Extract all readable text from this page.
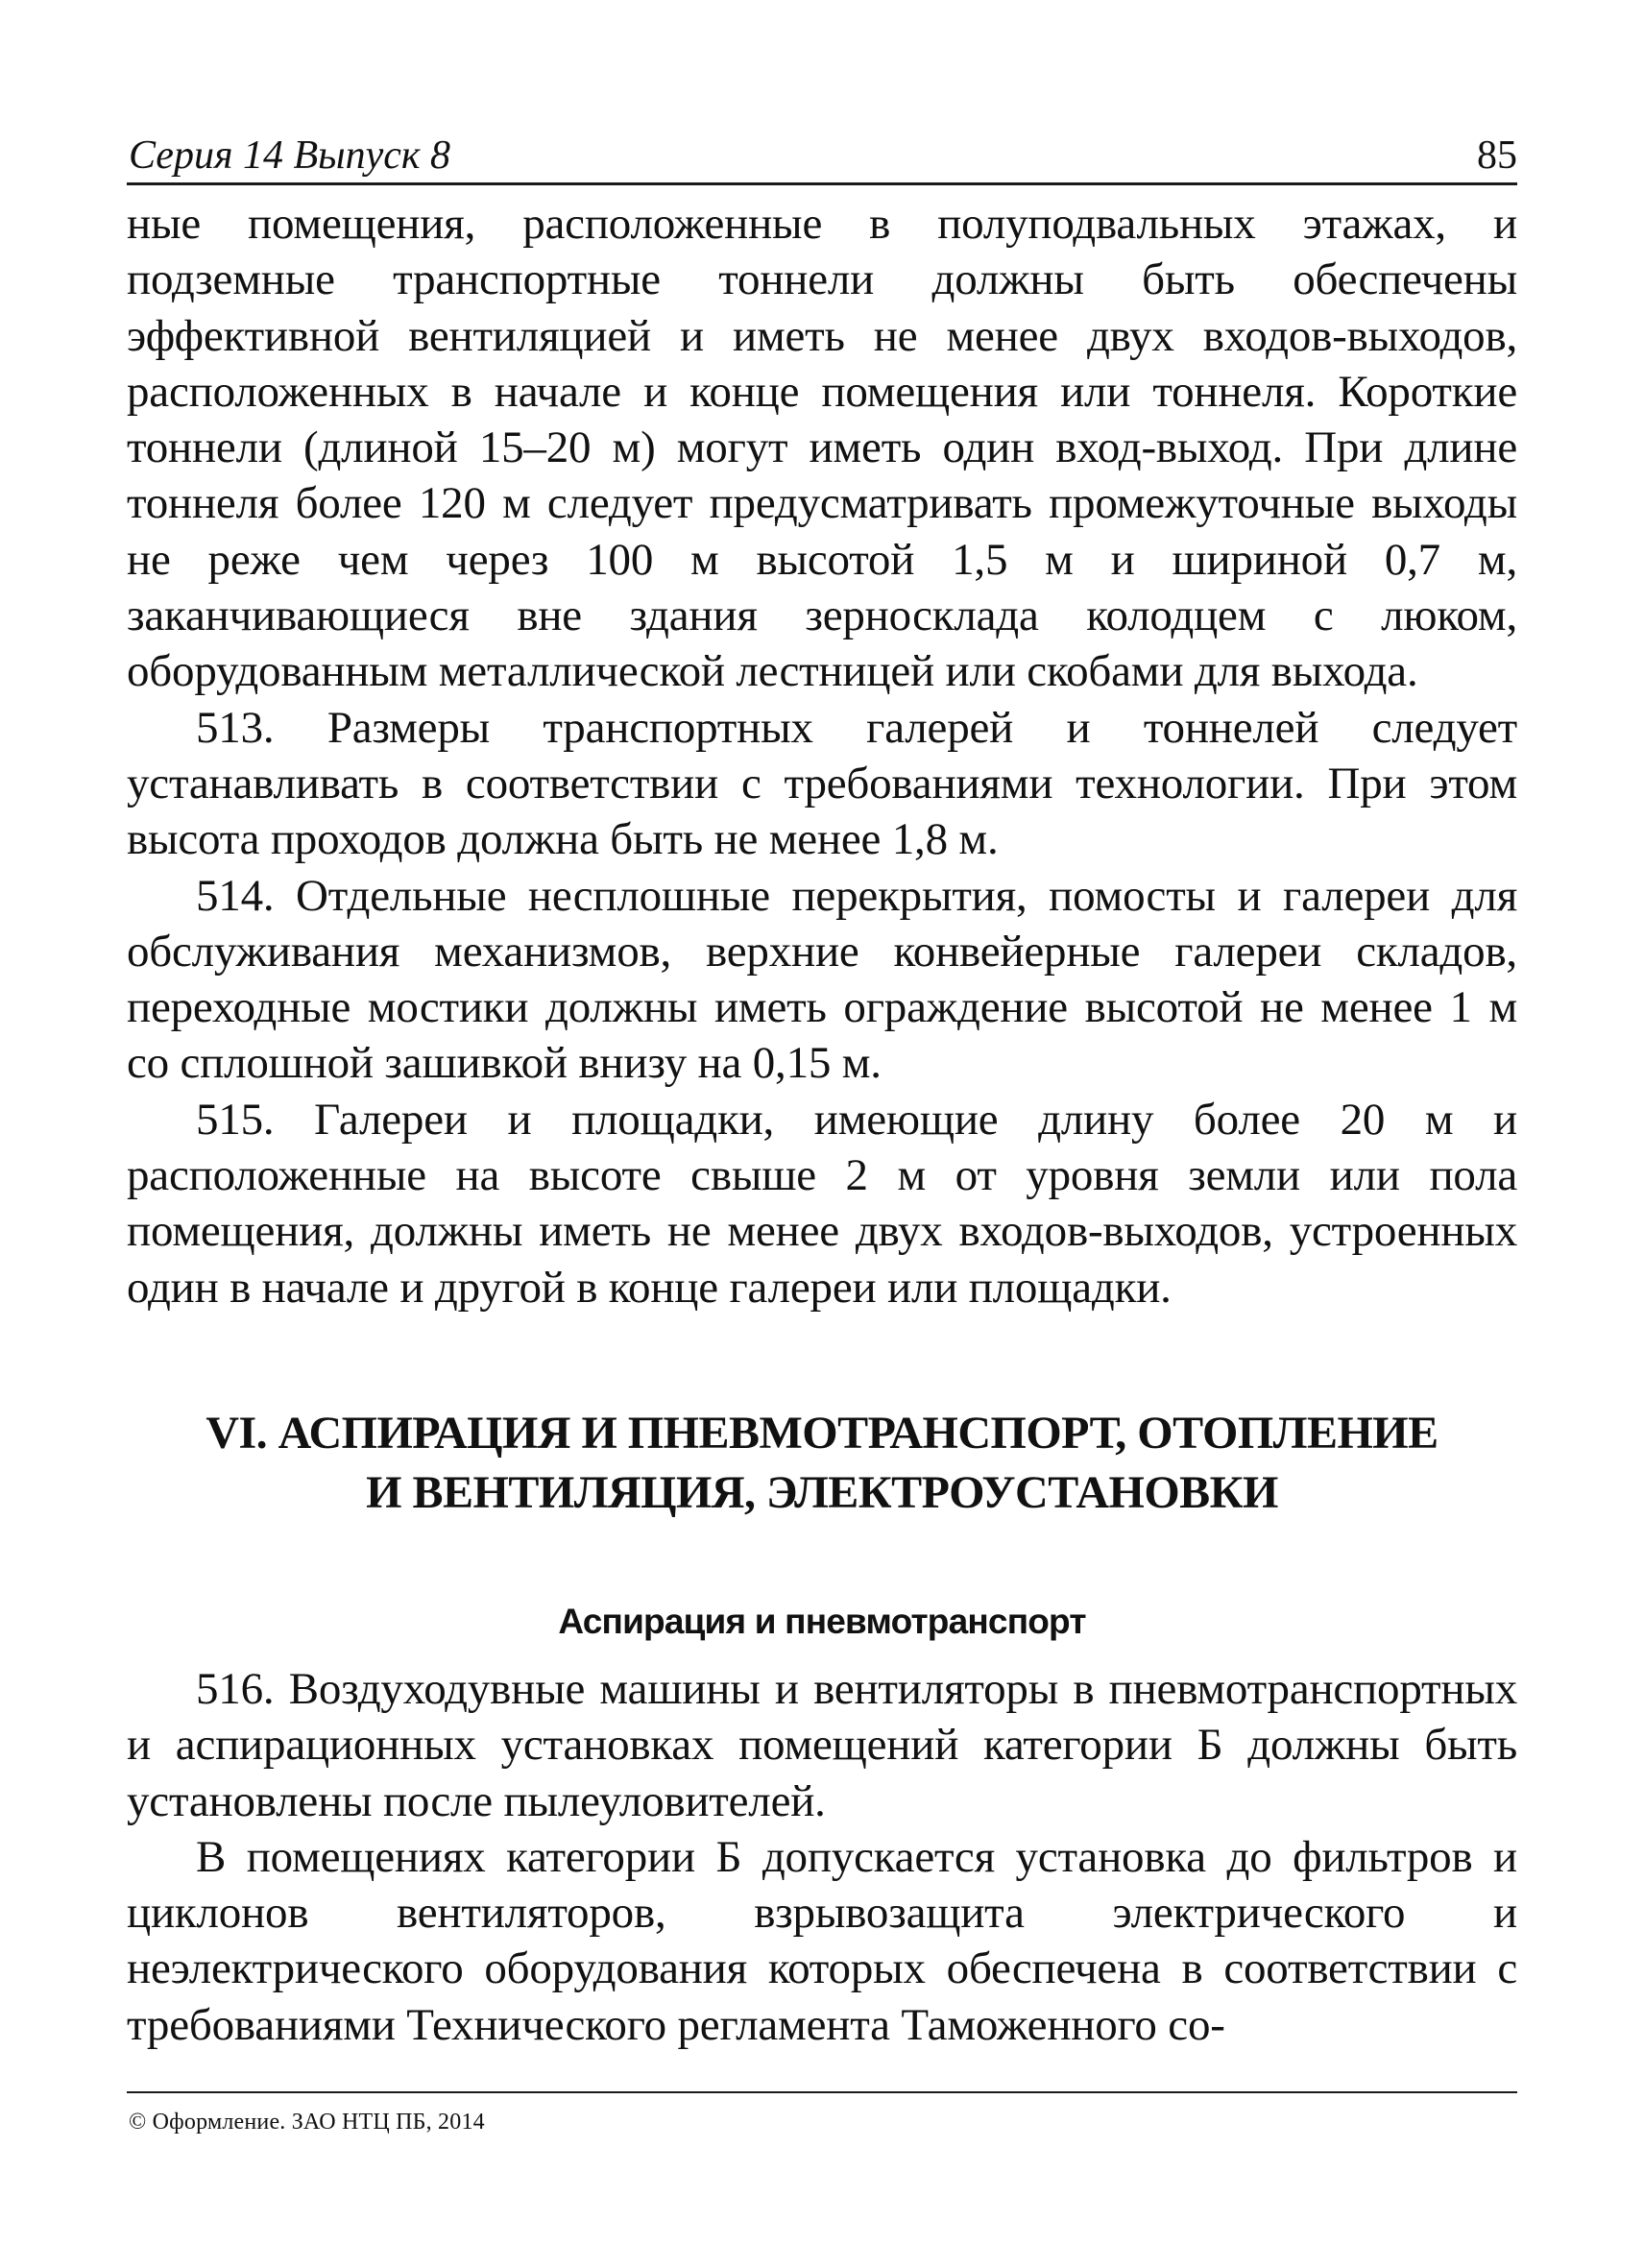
Серия 14 Выпуск 8	85

ные помещения, расположенные в полуподвальных этажах, и подземные транспортные тоннели должны быть обеспечены эффективной вентиляцией и иметь не менее двух входов-выходов, расположенных в начале и конце помещения или тоннеля. Короткие тоннели (длиной 15–20 м) могут иметь один вход-выход. При длине тоннеля более 120 м следует предусматривать промежуточные выходы не реже чем через 100 м высотой 1,5 м и шириной 0,7 м, заканчивающиеся вне здания зерносклада колодцем с люком, оборудованным металлической лестницей или скобами для выхода.

513. Размеры транспортных галерей и тоннелей следует устанавливать в соответствии с требованиями технологии. При этом высота проходов должна быть не менее 1,8 м.

514. Отдельные несплошные перекрытия, помосты и галереи для обслуживания механизмов, верхние конвейерные галереи складов, переходные мостики должны иметь ограждение высотой не менее 1 м со сплошной зашивкой внизу на 0,15 м.

515. Галереи и площадки, имеющие длину более 20 м и расположенные на высоте свыше 2 м от уровня земли или пола помещения, должны иметь не менее двух входов-выходов, устроенных один в начале и другой в конце галереи или площадки.

VI. АСПИРАЦИЯ И ПНЕВМОТРАНСПОРТ, ОТОПЛЕНИЕ
И ВЕНТИЛЯЦИЯ, ЭЛЕКТРОУСТАНОВКИ
Аспирация и пневмотранспорт

516. Воздуходувные машины и вентиляторы в пневмотранспортных и аспирационных установках помещений категории Б должны быть установлены после пылеуловителей.

В помещениях категории Б допускается установка до фильтров и циклонов вентиляторов, взрывозащита электрического и неэлектрического оборудования которых обеспечена в соответствии с требованиями Технического регламента Таможенного со-

© Оформление. ЗАО НТЦ ПБ, 2014
